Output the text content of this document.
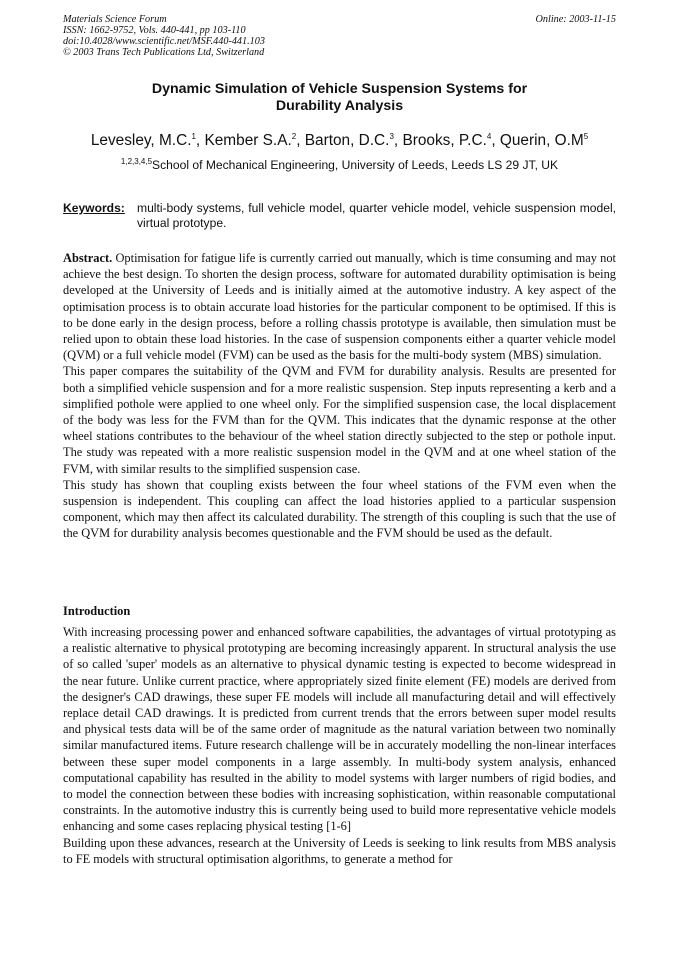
Materials Science Forum
ISSN: 1662-9752, Vols. 440-441, pp 103-110
doi:10.4028/www.scientific.net/MSF.440-441.103
© 2003 Trans Tech Publications Ltd, Switzerland
Online: 2003-11-15
Dynamic Simulation of Vehicle Suspension Systems for
Durability Analysis
Levesley, M.C.$^1$, Kember S.A.$^2$, Barton, D.C.$^3$, Brooks, P.C.$^4$, Querin, $O.M^5$
$^{1,2,3,4,5}$School of Mechanical Engineering, University of Leeds, Leeds LS 29 JT, UK
Keywords: multi-body systems, full vehicle model, quarter vehicle model, vehicle suspension model, virtual prototype.

Abstract. Optimisation for fatigue life is currently carried out manually, which is time consuming and may not achieve the best design. To shorten the design process, software for automated durability optimisation is being developed at the University of Leeds and is initially aimed at the automotive industry. A key aspect of the optimisation process is to obtain accurate load histories for the particular component to be optimised. If this is to be done early in the design process, before a rolling chassis prototype is available, then simulation must be relied upon to obtain these load histories. In the case of suspension components either a quarter vehicle model (QVM) or a full vehicle model (FVM) can be used as the basis for the multi-body system (MBS) simulation.

This paper compares the suitability of the QVM and FVM for durability analysis. Results are presented for both a simplified vehicle suspension and for a more realistic suspension. Step inputs representing a kerb and a simplified pothole were applied to one wheel only. For the simplified suspension case, the local displacement of the body was less for the FVM than for the QVM. This indicates that the dynamic response at the other wheel stations contributes to the behaviour of the wheel station directly subjected to the step or pothole input. The study was repeated with a more realistic suspension model in the QVM and at one wheel station of the FVM, with similar results to the simplified suspension case.

This study has shown that coupling exists between the four wheel stations of the FVM even when the suspension is independent. This coupling can affect the load histories applied to a particular suspension component, which may then affect its calculated durability. The strength of this coupling is such that the use of the QVM for durability analysis becomes questionable and the FVM should be used as the default.

Introduction

With increasing processing power and enhanced software capabilities, the advantages of virtual prototyping as a realistic alternative to physical prototyping are becoming increasingly apparent. In structural analysis the use of so called 'super' models as an alternative to physical dynamic testing is expected to become widespread in the near future. Unlike current practice, where appropriately sized finite element (FE) models are derived from the designer's CAD drawings, these super FE models will include all manufacturing detail and will effectively replace detail CAD drawings. It is predicted from current trends that the errors between super model results and physical tests data will be of the same order of magnitude as the natural variation between two nominally similar manufactured items. Future research challenge will be in accurately modelling the non-linear interfaces between these super model components in a large assembly. In multi-body system analysis, enhanced computational capability has resulted in the ability to model systems with larger numbers of rigid bodies, and to model the connection between these bodies with increasing sophistication, within reasonable computational constraints. In the automotive industry this is currently being used to build more representative vehicle models enhancing and some cases replacing physical testing [1-6]

Building upon these advances, research at the University of Leeds is seeking to link results from MBS analysis to FE models with structural optimisation algorithms, to generate a method for
